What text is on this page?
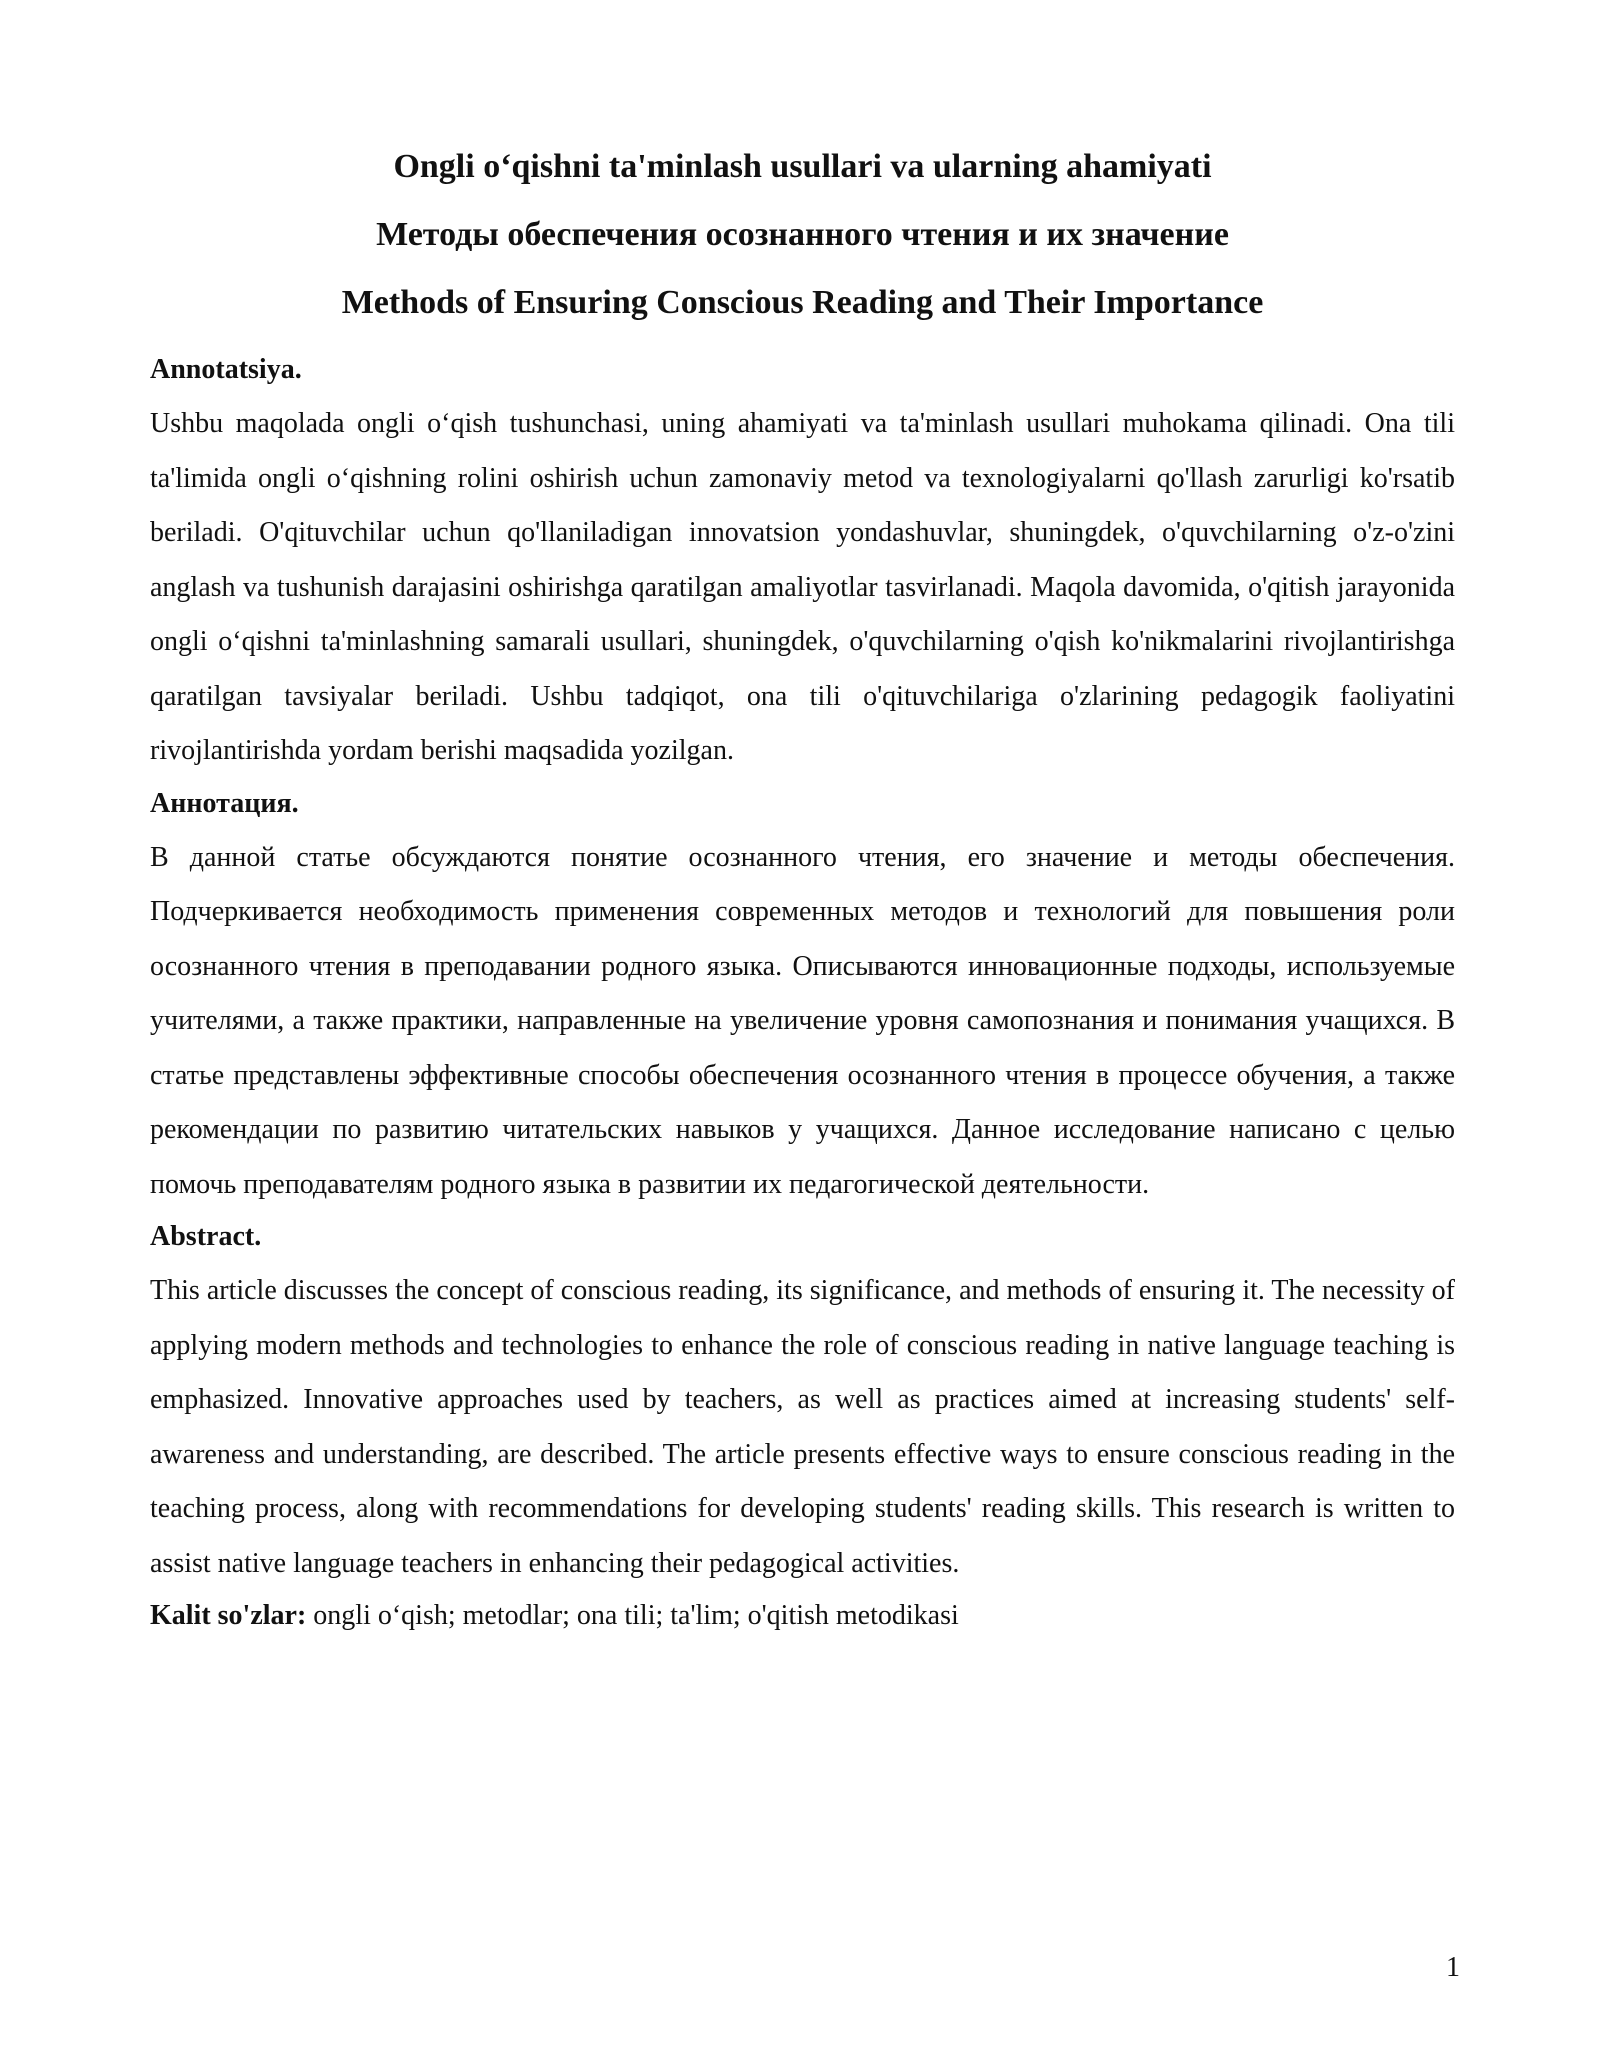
Ongli o‘qishni ta'minlash usullari va ularning ahamiyati
Методы обеспечения осознанного чтения и их значение
Methods of Ensuring Conscious Reading and Their Importance
Annotatsiya.

Ushbu maqolada ongli o‘qish tushunchasi, uning ahamiyati va ta'minlash usullari muhokama qilinadi. Ona tili ta'limida ongli o‘qishning rolini oshirish uchun zamonaviy metod va texnologiyalarni qo'llash zarurligi ko'rsatib beriladi. O'qituvchilar uchun qo'llaniladigan innovatsion yondashuvlar, shuningdek, o'quvchilarning o'z-o'zini anglash va tushunish darajasini oshirishga qaratilgan amaliyotlar tasvirlanadi. Maqola davomida, o'qitish jarayonida ongli o‘qishni ta'minlashning samarali usullari, shuningdek, o'quvchilarning o'qish ko'nikmalarini rivojlantirishga qaratilgan tavsiyalar beriladi. Ushbu tadqiqot, ona tili o'qituvchilariga o'zlarining pedagogik faoliyatini rivojlantirishda yordam berishi maqsadida yozilgan.

Аннотация.

В данной статье обсуждаются понятие осознанного чтения, его значение и методы обеспечения. Подчеркивается необходимость применения современных методов и технологий для повышения роли осознанного чтения в преподавании родного языка. Описываются инновационные подходы, используемые учителями, а также практики, направленные на увеличение уровня самопознания и понимания учащихся. В статье представлены эффективные способы обеспечения осознанного чтения в процессе обучения, а также рекомендации по развитию читательских навыков у учащихся. Данное исследование написано с целью помочь преподавателям родного языка в развитии их педагогической деятельности.

Abstract.

This article discusses the concept of conscious reading, its significance, and methods of ensuring it. The necessity of applying modern methods and technologies to enhance the role of conscious reading in native language teaching is emphasized. Innovative approaches used by teachers, as well as practices aimed at increasing students' self-awareness and understanding, are described. The article presents effective ways to ensure conscious reading in the teaching process, along with recommendations for developing students' reading skills. This research is written to assist native language teachers in enhancing their pedagogical activities.

Kalit so'zlar: ongli o‘qish; metodlar; ona tili; ta'lim; o'qitish metodikasi
1
